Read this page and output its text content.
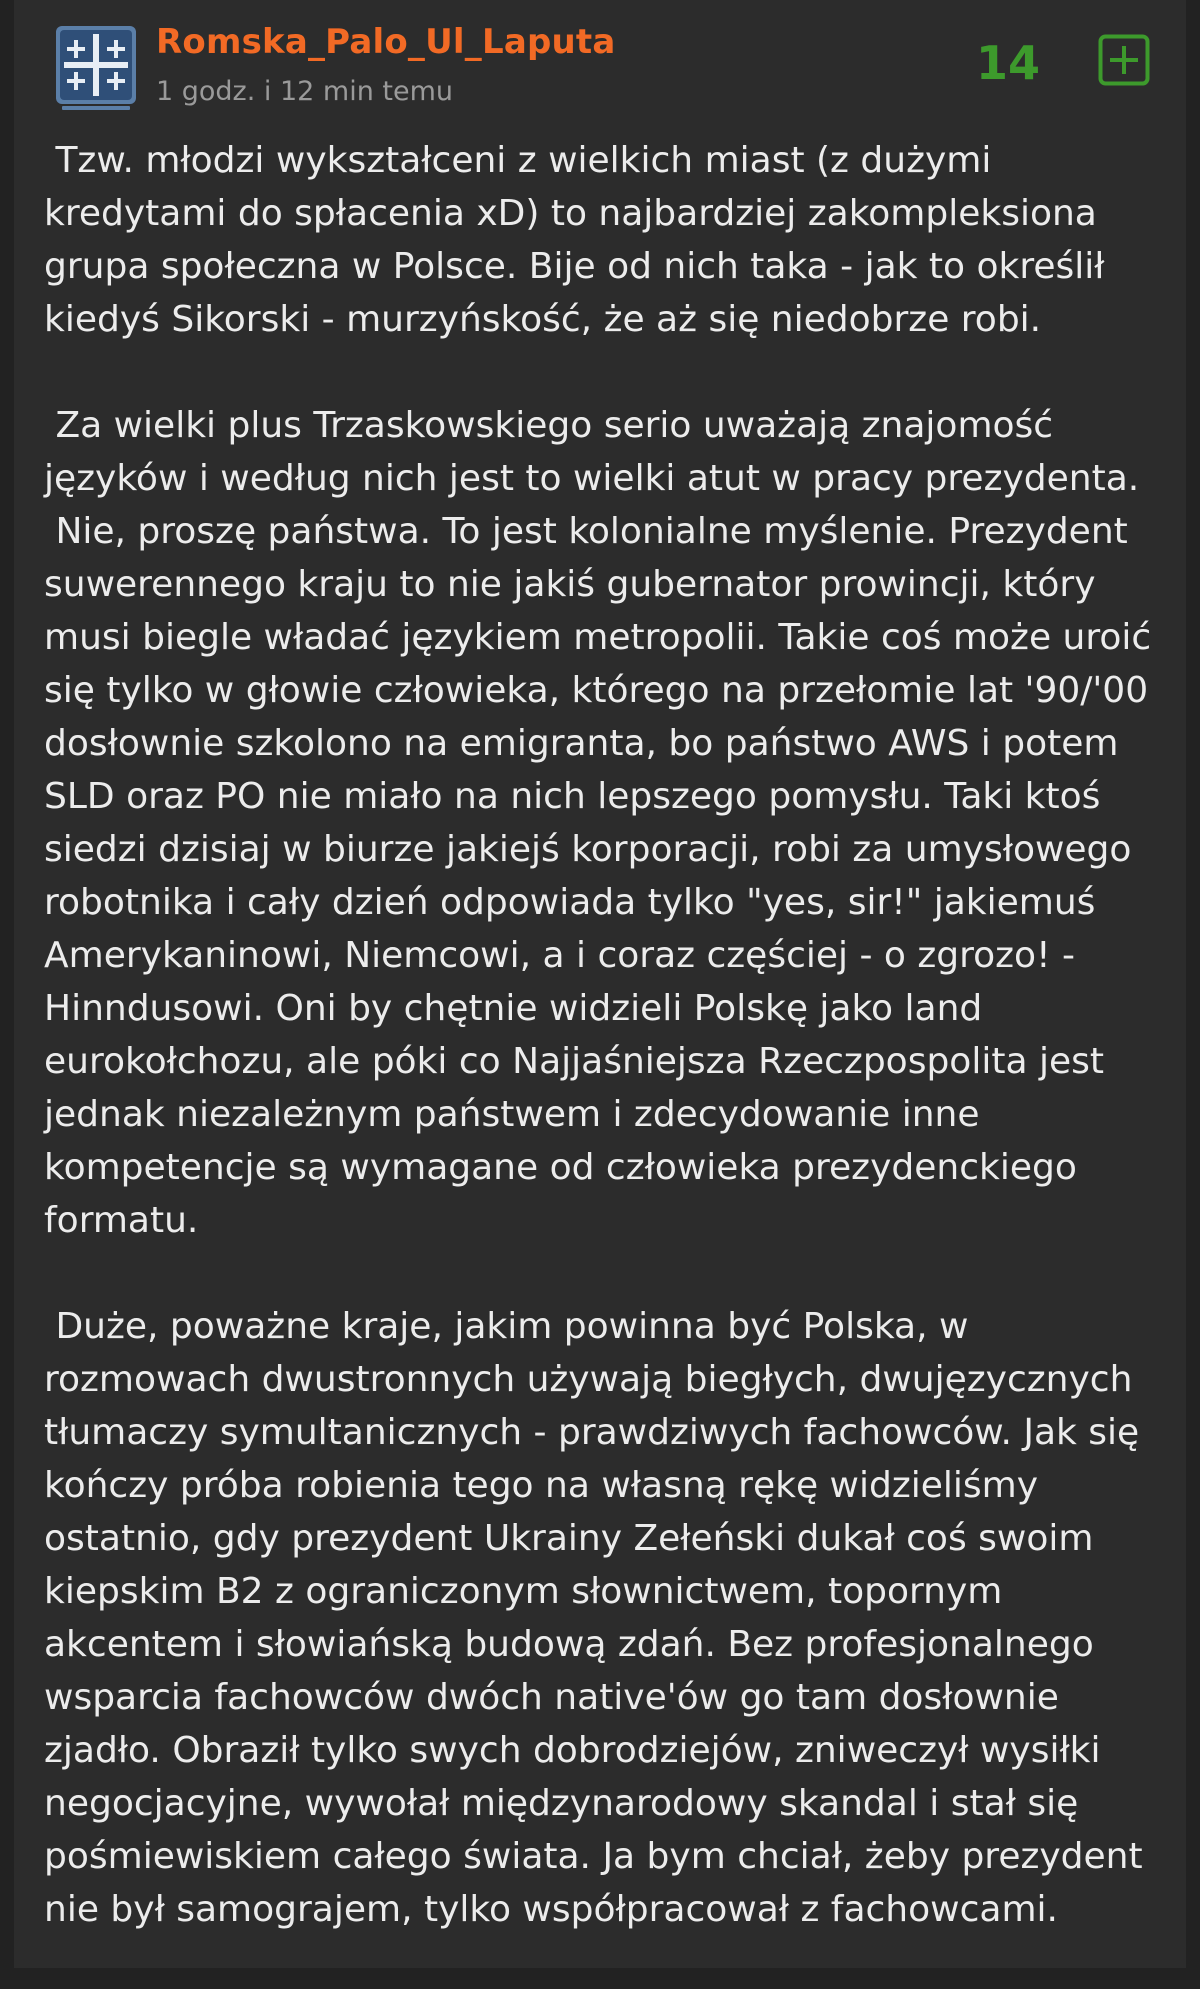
Romska_Palo_Ul_Laputa
1 godz. i 12 min temu
14

Tzw. młodzi wykształceni z wielkich miast (z dużymi
kredytami do spłacenia xD) to najbardziej zakompleksiona
grupa społeczna w Polsce. Bije od nich taka - jak to określił
kiedyś Sikorski - murzyńskość, że aż się niedobrze robi.

Za wielki plus Trzaskowskiego serio uważają znajomość
języków i według nich jest to wielki atut w pracy prezydenta.
Nie, proszę państwa. To jest kolonialne myślenie. Prezydent
suwerennego kraju to nie jakiś gubernator prowincji, który
musi biegle władać językiem metropolii. Takie coś może uroić
się tylko w głowie człowieka, którego na przełomie lat '90/'00
dosłownie szkolono na emigranta, bo państwo AWS i potem
SLD oraz PO nie miało na nich lepszego pomysłu. Taki ktoś
siedzi dzisiaj w biurze jakiejś korporacji, robi za umysłowego
robotnika i cały dzień odpowiada tylko "yes, sir!" jakiemuś
Amerykaninowi, Niemcowi, a i coraz częściej - o zgrozo! -
Hinndusowi. Oni by chętnie widzieli Polskę jako land
eurokołchozu, ale póki co Najjaśniejsza Rzeczpospolita jest
jednak niezależnym państwem i zdecydowanie inne
kompetencje są wymagane od człowieka prezydenckiego
formatu.

Duże, poważne kraje, jakim powinna być Polska, w
rozmowach dwustronnych używają biegłych, dwujęzycznych
tłumaczy symultanicznych - prawdziwych fachowców. Jak się
kończy próba robienia tego na własną rękę widzieliśmy
ostatnio, gdy prezydent Ukrainy Zełeński dukał coś swoim
kiepskim B2 z ograniczonym słownictwem, topornym
akcentem i słowiańską budową zdań. Bez profesjonalnego
wsparcia fachowców dwóch native'ów go tam dosłownie
zjadło. Obraził tylko swych dobrodziejów, zniweczył wysiłki
negocjacyjne, wywołał międzynarodowy skandal i stał się
pośmiewiskiem całego świata. Ja bym chciał, żeby prezydent
nie był samograjem, tylko współpracował z fachowcami.
